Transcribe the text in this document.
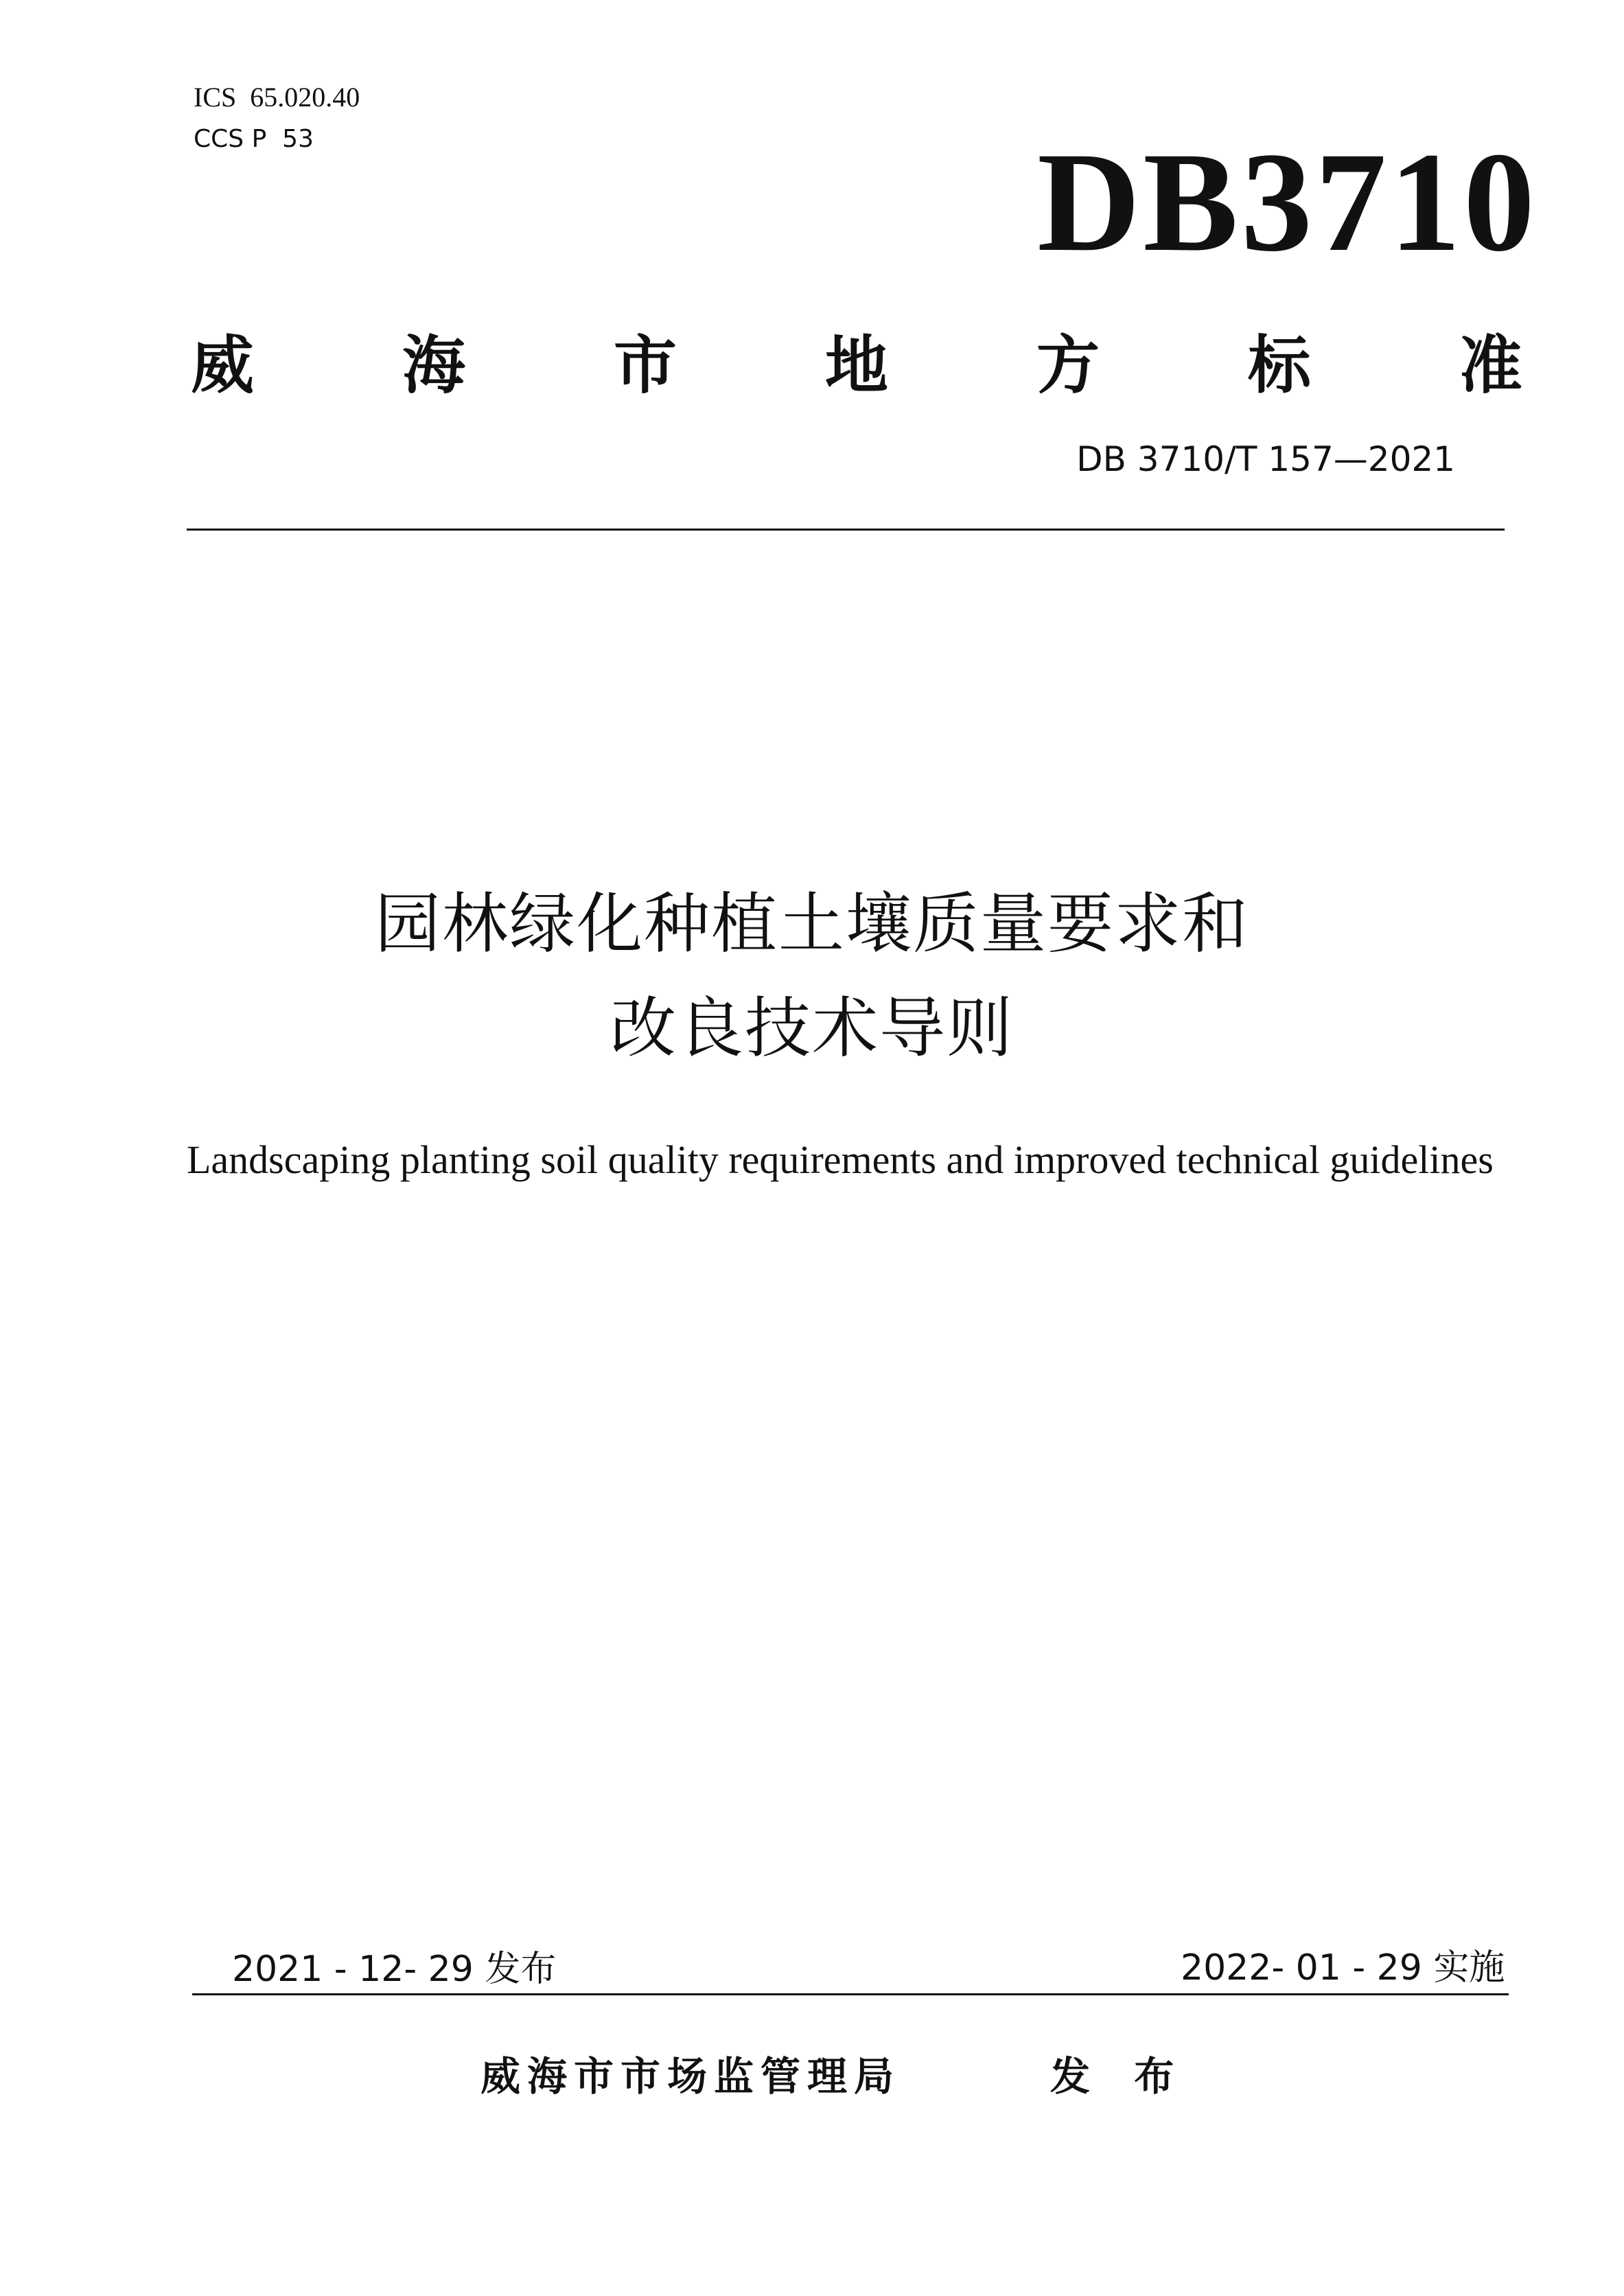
ICS  65.020.40
CCS P  53	DB3710
威 海 市 地 方 标 准
DB 3710/T 157—2021
园林绿化种植土壤质量要求和
改良技术导则
Landscaping planting soil quality requirements and improved technical guidelines
2021 - 12- 29 发布	2022- 01 - 29 实施
威海市市场监管理局	发 布
